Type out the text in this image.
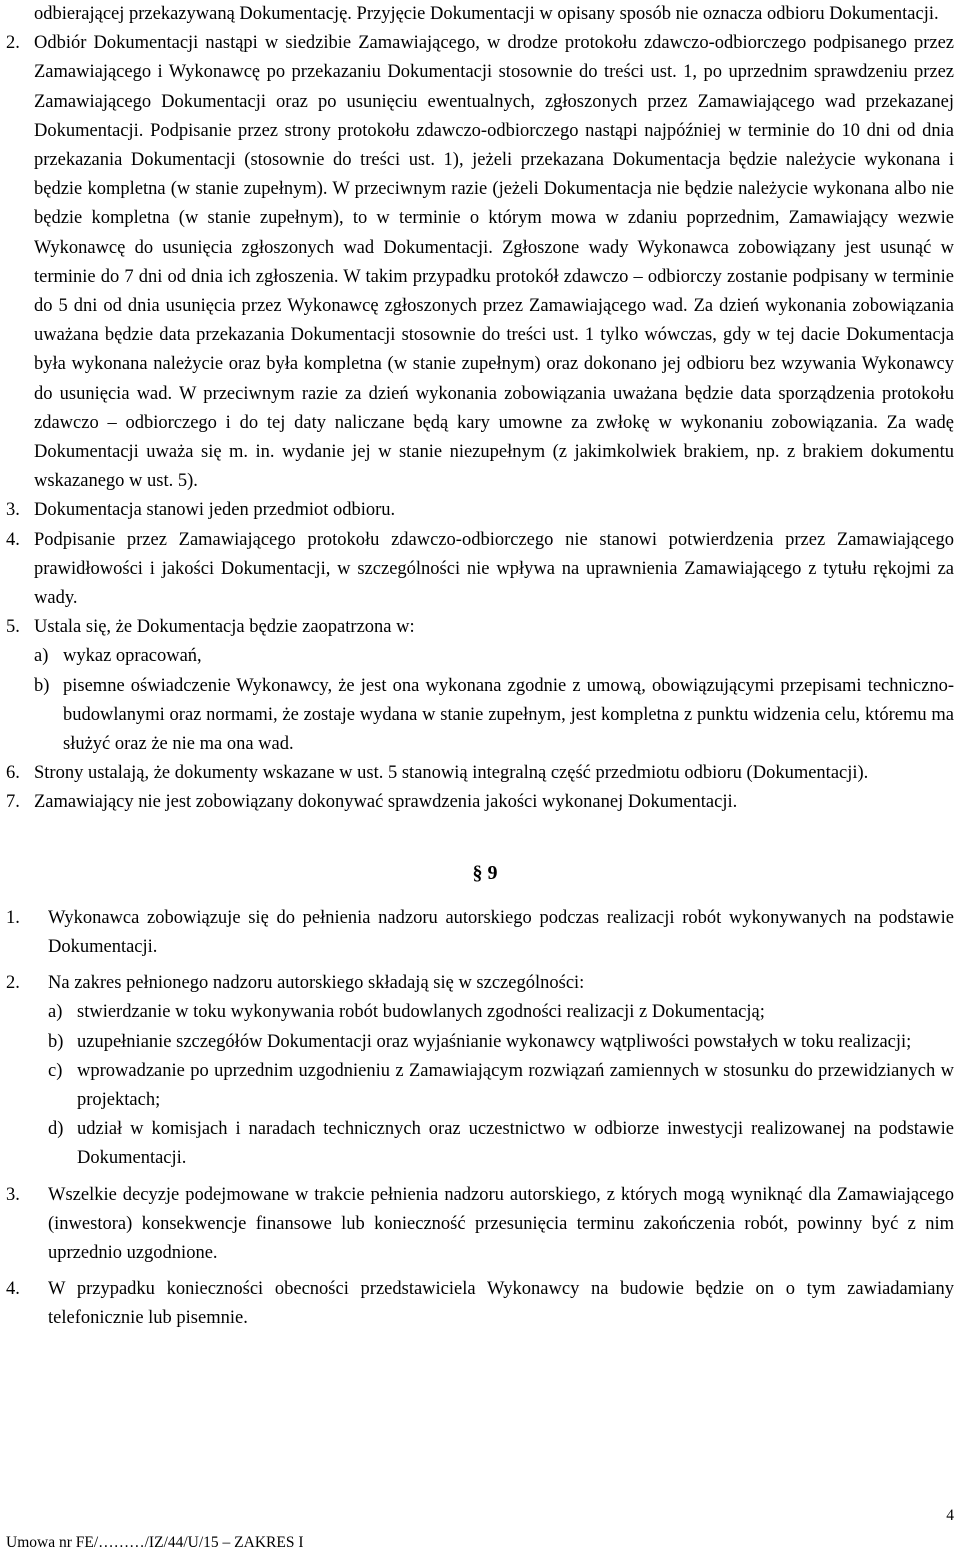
odbierającej przekazywaną Dokumentację. Przyjęcie Dokumentacji w opisany sposób nie oznacza odbioru Dokumentacji.

2. Odbiór Dokumentacji nastąpi w siedzibie Zamawiającego, w drodze protokołu zdawczo-odbiorczego podpisanego przez Zamawiającego i Wykonawcę po przekazaniu Dokumentacji stosownie do treści ust. 1, po uprzednim sprawdzeniu przez Zamawiającego Dokumentacji oraz po usunięciu ewentualnych, zgłoszonych przez Zamawiającego wad przekazanej Dokumentacji. Podpisanie przez strony protokołu zdawczo-odbiorczego nastąpi najpóźniej w terminie do 10 dni od dnia przekazania Dokumentacji (stosownie do treści ust. 1), jeżeli przekazana Dokumentacja będzie należycie wykonana i będzie kompletna (w stanie zupełnym). W przeciwnym razie (jeżeli Dokumentacja nie będzie należycie wykonana albo nie będzie kompletna (w stanie zupełnym), to w terminie o którym mowa w zdaniu poprzednim, Zamawiający wezwie Wykonawcę do usunięcia zgłoszonych wad Dokumentacji. Zgłoszone wady Wykonawca zobowiązany jest usunąć w terminie do 7 dni od dnia ich zgłoszenia. W takim przypadku protokół zdawczo – odbiorczy zostanie podpisany w terminie do 5 dni od dnia usunięcia przez Wykonawcę zgłoszonych przez Zamawiającego wad. Za dzień wykonania zobowiązania uważana będzie data przekazania Dokumentacji stosownie do treści ust. 1 tylko wówczas, gdy w tej dacie Dokumentacja była wykonana należycie oraz była kompletna (w stanie zupełnym) oraz dokonano jej odbioru bez wzywania Wykonawcy do usunięcia wad. W przeciwnym razie za dzień wykonania zobowiązania uważana będzie data sporządzenia protokołu zdawczo – odbiorczego i do tej daty naliczane będą kary umowne za zwłokę w wykonaniu zobowiązania. Za wadę Dokumentacji uważa się m. in. wydanie jej w stanie niezupełnym (z jakimkolwiek brakiem, np. z brakiem dokumentu wskazanego w ust. 5).
3. Dokumentacja stanowi jeden przedmiot odbioru.
4. Podpisanie przez Zamawiającego protokołu zdawczo-odbiorczego nie stanowi potwierdzenia przez Zamawiającego prawidłowości i jakości Dokumentacji, w szczególności nie wpływa na uprawnienia Zamawiającego z tytułu rękojmi za wady.
5. Ustala się, że Dokumentacja będzie zaopatrzona w:
a) wykaz opracowań,
b) pisemne oświadczenie Wykonawcy, że jest ona wykonana zgodnie z umową, obowiązującymi przepisami techniczno-budowlanymi oraz normami, że zostaje wydana w stanie zupełnym, jest kompletna z punktu widzenia celu, któremu ma służyć oraz że nie ma ona wad.
6. Strony ustalają, że dokumenty wskazane w ust. 5 stanowią integralną część przedmiotu odbioru (Dokumentacji).
7. Zamawiający nie jest zobowiązany dokonywać sprawdzenia jakości wykonanej Dokumentacji.
§ 9
1.	Wykonawca zobowiązuje się do pełnienia nadzoru autorskiego podczas realizacji robót wykonywanych na podstawie Dokumentacji.
2.	Na zakres pełnionego nadzoru autorskiego składają się w szczególności:
a) stwierdzanie w toku wykonywania robót budowlanych zgodności realizacji z Dokumentacją;
b) uzupełnianie szczegółów Dokumentacji oraz wyjaśnianie wykonawcy wątpliwości powstałych w toku realizacji;
c) wprowadzanie po uprzednim uzgodnieniu z Zamawiającym rozwiązań zamiennych w stosunku do przewidzianych w projektach;
d) udział w komisjach i naradach technicznych oraz uczestnictwo w odbiorze inwestycji realizowanej na podstawie Dokumentacji.
3.	Wszelkie decyzje podejmowane w trakcie pełnienia nadzoru autorskiego, z których mogą wyniknąć dla Zamawiającego (inwestora) konsekwencje finansowe lub konieczność przesunięcia terminu zakończenia robót, powinny być z nim uprzednio uzgodnione.
4.	W przypadku konieczności obecności przedstawiciela Wykonawcy na budowie będzie on o tym zawiadamiany telefonicznie lub pisemnie.
Umowa nr FE/………/IZ/44/U/15 – ZAKRES I
4
